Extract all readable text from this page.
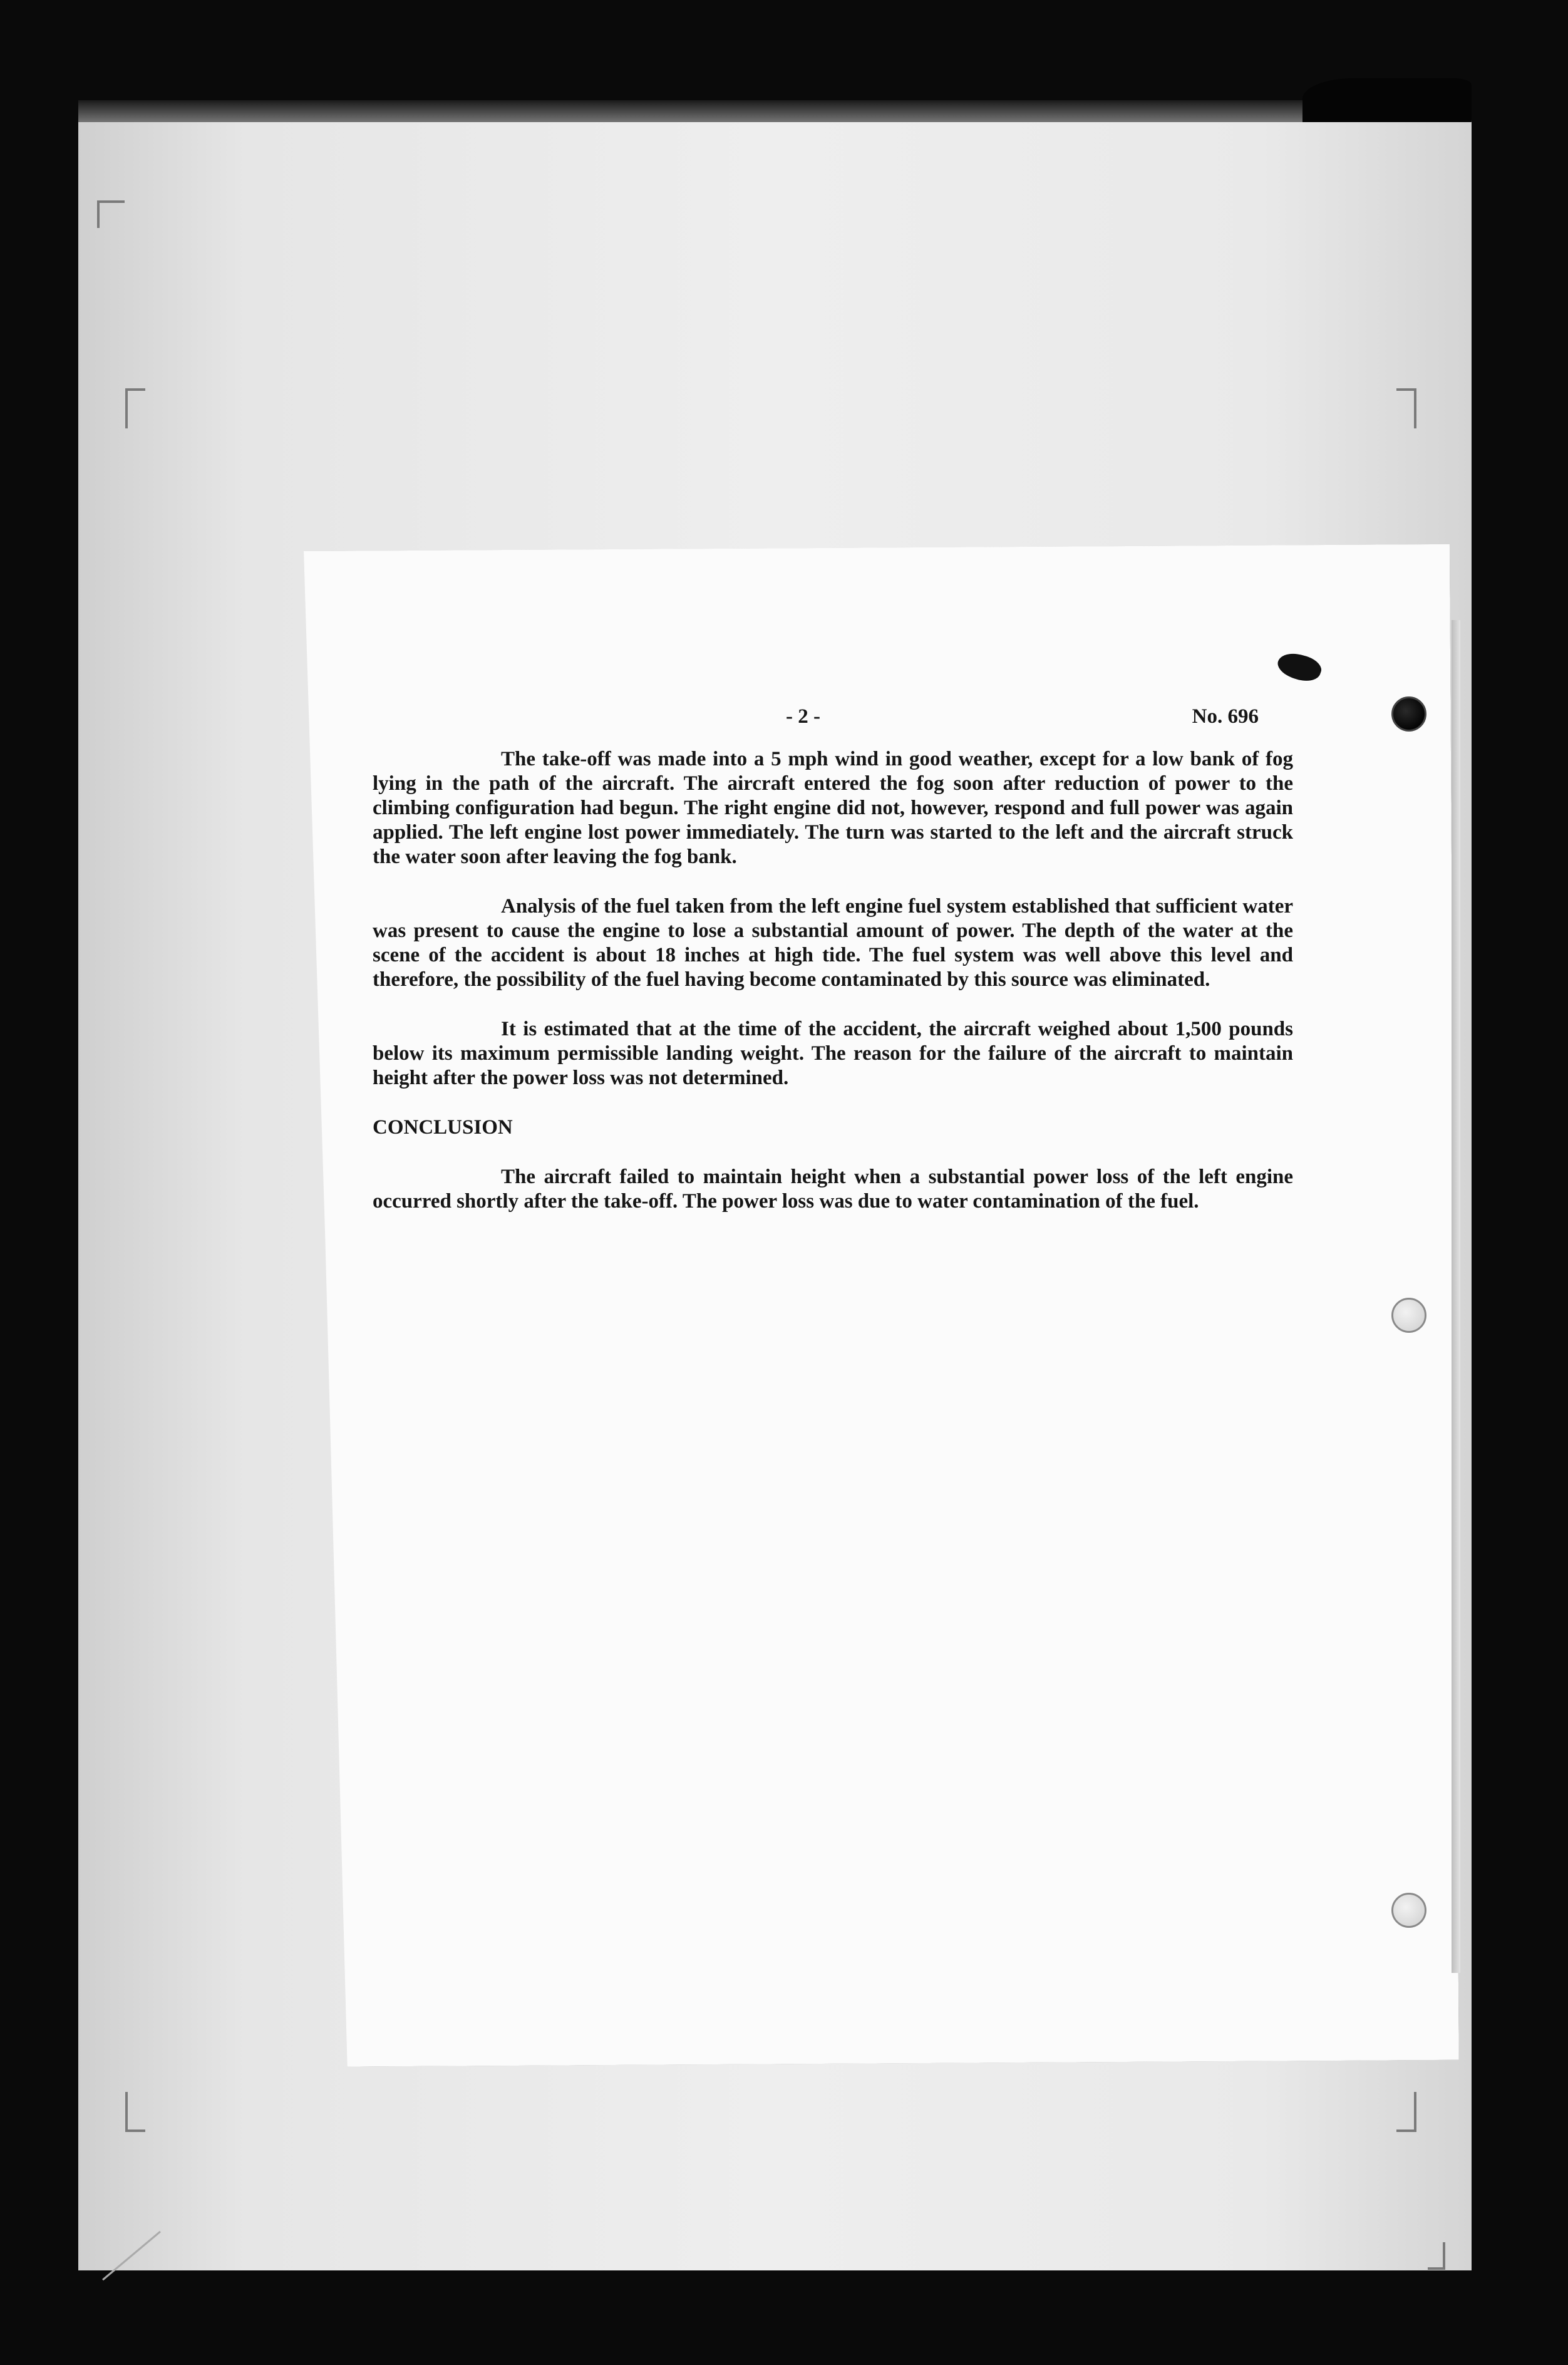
- 2 -	No. 696

The take-off was made into a 5 mph wind in good weather, except for a low bank of fog lying in the path of the aircraft. The aircraft entered the fog soon after reduction of power to the climbing configuration had begun. The right engine did not, however, respond and full power was again applied. The left engine lost power immediately. The turn was started to the left and the aircraft struck the water soon after leaving the fog bank.

Analysis of the fuel taken from the left engine fuel system established that sufficient water was present to cause the engine to lose a substantial amount of power. The depth of the water at the scene of the accident is about 18 inches at high tide. The fuel system was well above this level and therefore, the possibility of the fuel having become contaminated by this source was eliminated.

It is estimated that at the time of the accident, the aircraft weighed about 1,500 pounds below its maximum permissible landing weight. The reason for the failure of the aircraft to maintain height after the power loss was not determined.

CONCLUSION

The aircraft failed to maintain height when a substantial power loss of the left engine occurred shortly after the take-off. The power loss was due to water contamination of the fuel.
